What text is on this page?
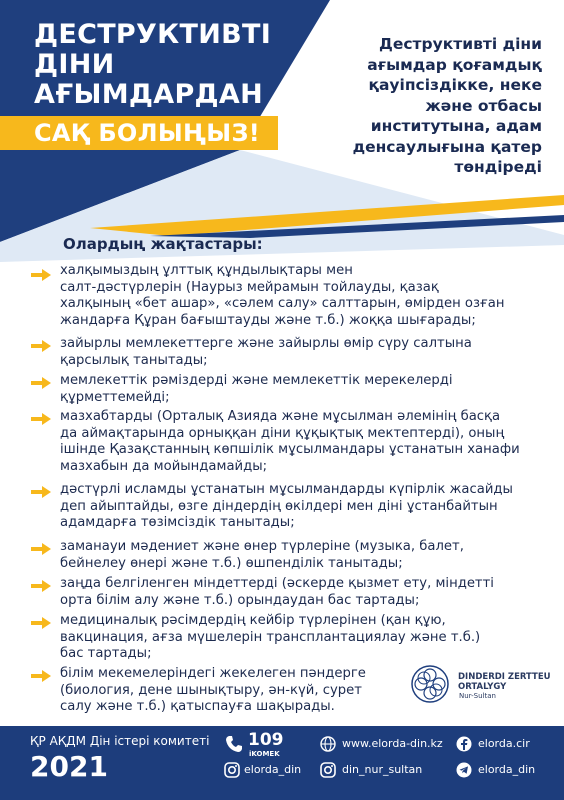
ДЕСТРУКТИВТІ
ДІНИ
АҒЫМДАРДАН
САҚ БОЛЫҢЫЗ!
Деструктивті діни
ағымдар қоғамдық
қауіпсіздікке, неке
және отбасы
институтына, адам
денсаулығына қатер
төндіреді
Олардың жақтастары:
халқымыздың ұлттық құндылықтары мен
салт-дәстүрлерін (Наурыз мейрамын тойлауды, қазақ
халқының «бет ашар», «сәлем салу» салттарын, өмірден озған
жандарға Құран бағыштауды және т.б.) жоққа шығарады;
зайырлы мемлекеттерге және зайырлы өмір сүру салтына
қарсылық танытады;
мемлекеттік рәміздерді және мемлекеттік мерекелерді
құрметтемейді;
мазхабтарды (Орталық Азияда және мұсылман әлемінің басқа
да аймақтарында орныққан діни құқықтық мектептерді), оның
ішінде Қазақстанның көпшілік мұсылмандары ұстанатын ханафи
мазхабын да мойындамайды;
дәстүрлі исламды ұстанатын мұсылмандарды күпірлік жасайды
деп айыптайды, өзге діндердің өкілдері мен діні ұстанбайтын
адамдарға төзімсіздік танытады;
заманауи мәдениет және өнер түрлеріне (музыка, балет,
бейнелеу өнері және т.б.) өшпенділік танытады;
заңда белгіленген міндеттерді (әскерде қызмет ету, міндетті
орта білім алу және т.б.) орындаудан бас тартады;
медициналық рәсімдердің кейбір түрлерінен (қан құю,
вакцинация, ағза мүшелерін трансплантациялау және т.б.)
бас тартады;
білім мекемелеріндегі жекелеген пәндерге
(биология, дене шынықтыру, ән-күй, сурет
салу және т.б.) қатыспауға шақырады.
DINDERDI ZERTTEU
ORTALYGY
Nur-Sultan
ҚР АҚДМ Дін істері комитеті
2021
109
iKOMEK
elorda_din
www.elorda-din.kz
din_nur_sultan
elorda.cir
elorda_din
